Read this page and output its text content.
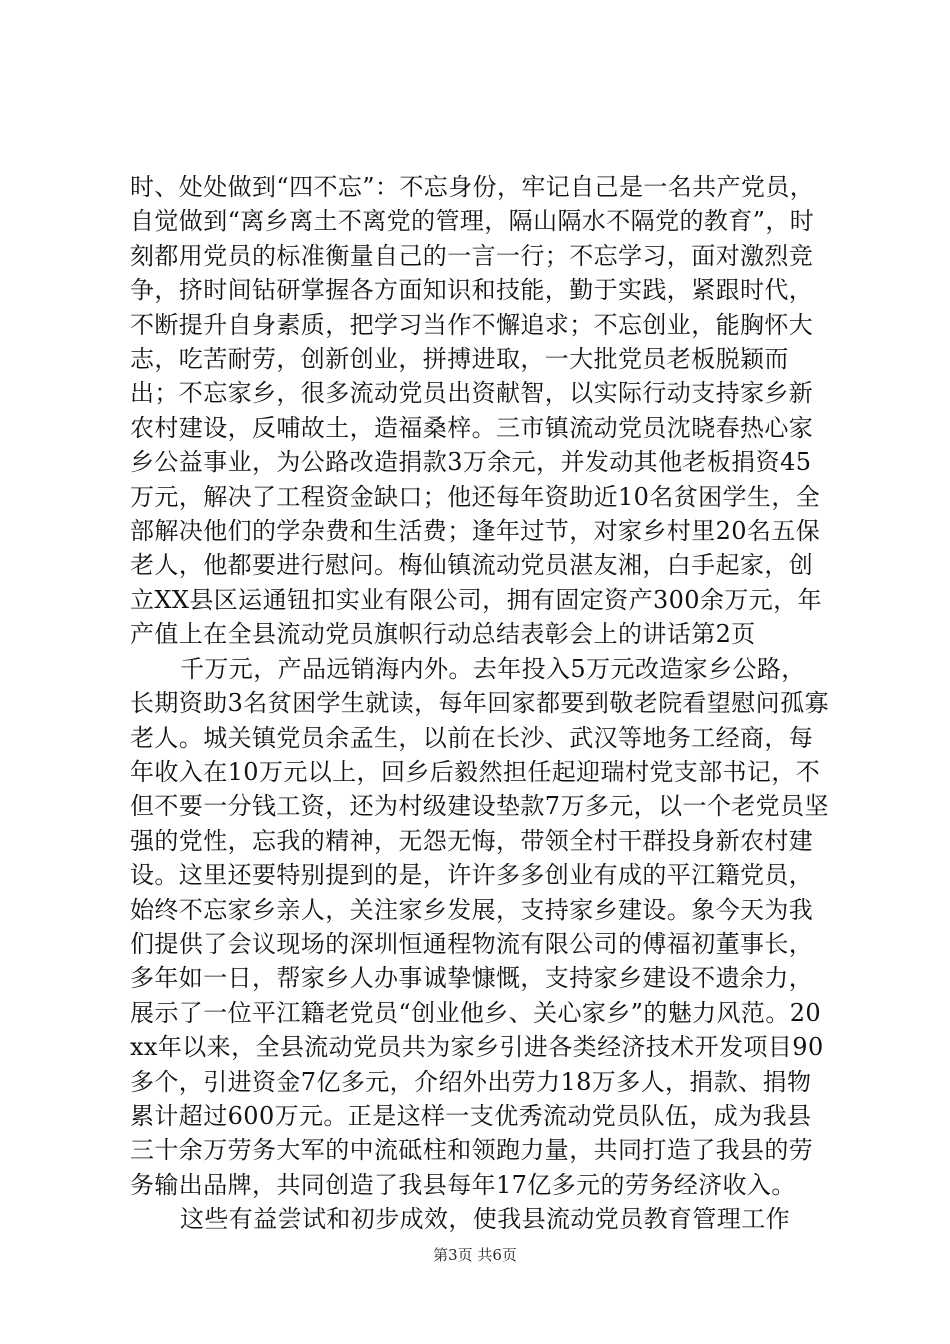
时、处处做到“四不忘”：不忘身份，牢记自己是一名共产党员，自觉做到“离乡离土不离党的管理，隔山隔水不隔党的教育”，时刻都用党员的标准衡量自己的一言一行；不忘学习，面对激烈竞争，挤时间钻研掌握各方面知识和技能，勤于实践，紧跟时代，不断提升自身素质，把学习当作不懈追求；不忘创业，能胸怀大志，吃苦耐劳，创新创业，拼搏进取，一大批党员老板脱颖而出；不忘家乡，很多流动党员出资献智，以实际行动支持家乡新农村建设，反哺故土，造福桑梓。三市镇流动党员沈晓春热心家乡公益事业，为公路改造捐款3万余元，并发动其他老板捐资45万元，解决了工程资金缺口；他还每年资助近10名贫困学生，全部解决他们的学杂费和生活费；逢年过节，对家乡村里20名五保老人，他都要进行慰问。梅仙镇流动党员湛友湘，白手起家，创立XX县区运通钮扣实业有限公司，拥有固定资产300余万元，年产值上在全县流动党员旗帜行动总结表彰会上的讲话第2页

千万元，产品远销海内外。去年投入5万元改造家乡公路，长期资助3名贫困学生就读，每年回家都要到敬老院看望慰问孤寡老人。城关镇党员余孟生，以前在长沙、武汉等地务工经商，每年收入在10万元以上，回乡后毅然担任起迎瑞村党支部书记，不但不要一分钱工资，还为村级建设垫款7万多元，以一个老党员坚强的党性，忘我的精神，无怨无悔，带领全村干群投身新农村建设。这里还要特别提到的是，许许多多创业有成的平江籍党员，始终不忘家乡亲人，关注家乡发展，支持家乡建设。象今天为我们提供了会议现场的深圳恒通程物流有限公司的傅福初董事长，多年如一日，帮家乡人办事诚挚慷慨，支持家乡建设不遗余力，展示了一位平江籍老党员“创业他乡、关心家乡”的魅力风范。20xx年以来，全县流动党员共为家乡引进各类经济技术开发项目90多个，引进资金7亿多元，介绍外出劳力18万多人，捐款、捐物累计超过600万元。正是这样一支优秀流动党员队伍，成为我县三十余万劳务大军的中流砥柱和领跑力量，共同打造了我县的劳务输出品牌，共同创造了我县每年17亿多元的劳务经济收入。

这些有益尝试和初步成效，使我县流动党员教育管理工作

第3页 共6页
